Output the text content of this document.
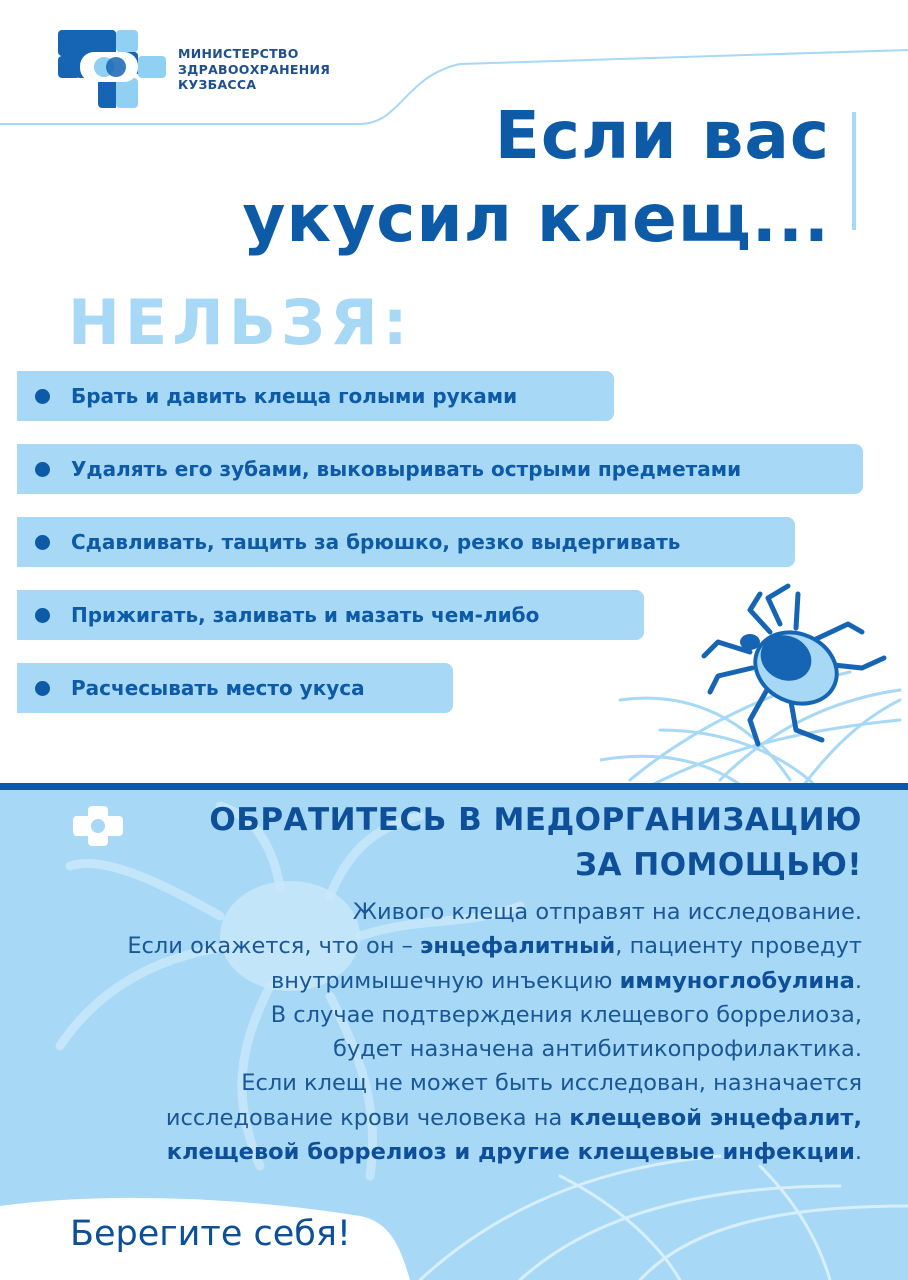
МИНИСТЕРСТВО
ЗДРАВООХРАНЕНИЯ
КУЗБАССА
Если вас
укусил клещ...
НЕЛЬЗЯ:
Брать и давить клеща голыми руками
Удалять его зубами, выковыривать острыми предметами
Сдавливать, тащить за брюшко, резко выдергивать
Прижигать, заливать и мазать чем-либо
Расчесывать место укуса
ОБРАТИТЕСЬ В МЕДОРГАНИЗАЦИЮ
ЗА ПОМОЩЬЮ!
Живого клеща отправят на исследование.
Если окажется, что он – энцефалитный, пациенту проведут
внутримышечную инъекцию иммуноглобулина.
В случае подтверждения клещевого боррелиоза,
будет назначена антибитикопрофилактика.
Если клещ не может быть исследован, назначается
исследование крови человека на клещевой энцефалит,
клещевой боррелиоз и другие клещевые инфекции.
Берегите себя!
